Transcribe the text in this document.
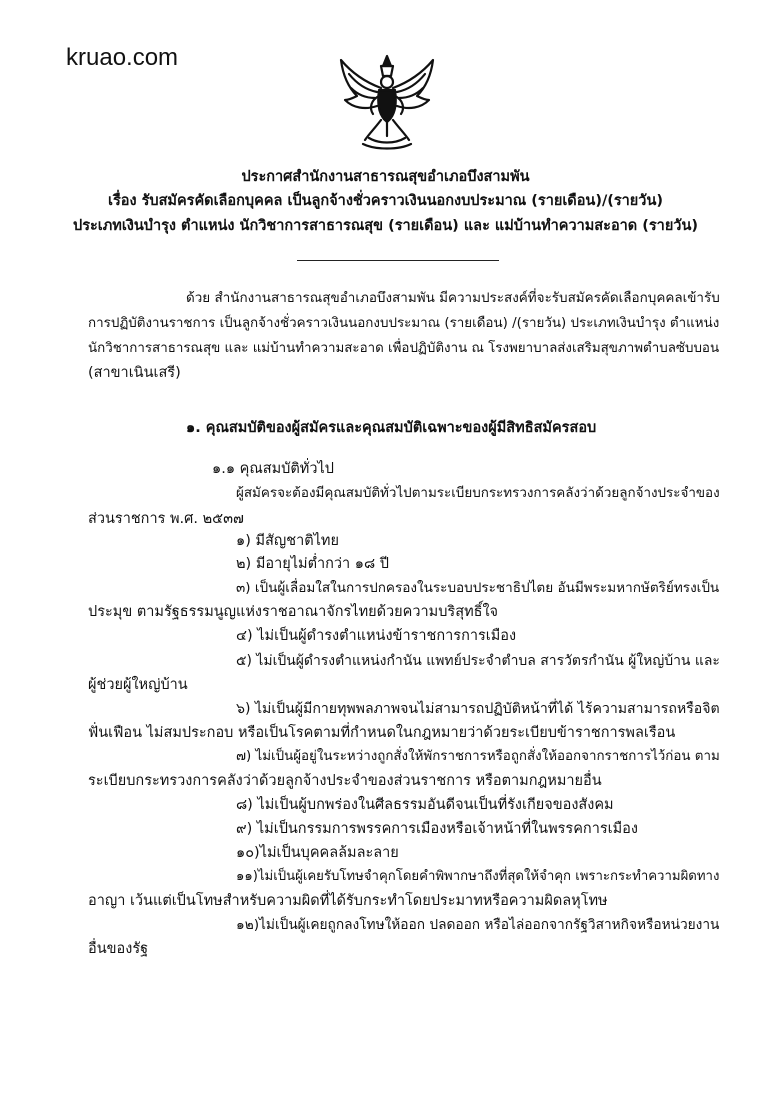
kruao.com
ประกาศสำนักงานสาธารณสุขอำเภอบึงสามพัน
เรื่อง รับสมัครคัดเลือกบุคคล เป็นลูกจ้างชั่วคราวเงินนอกงบประมาณ (รายเดือน)/(รายวัน)
ประเภทเงินบำรุง ตำแหน่ง นักวิชาการสาธารณสุข (รายเดือน) และ แม่บ้านทำความสะอาด (รายวัน)
ด้วย สำนักงานสาธารณสุขอำเภอบึงสามพัน มีความประสงค์ที่จะรับสมัครคัดเลือกบุคคลเข้ารับ
การปฏิบัติงานราชการ เป็นลูกจ้างชั่วคราวเงินนอกงบประมาณ (รายเดือน) /(รายวัน) ประเภทเงินบำรุง ตำแหน่ง
นักวิชาการสาธารณสุข และ แม่บ้านทำความสะอาด เพื่อปฏิบัติงาน ณ โรงพยาบาลส่งเสริมสุขภาพตำบลซับบอน
(สาขาเนินเสรี)
๑. คุณสมบัติของผู้สมัครและคุณสมบัติเฉพาะของผู้มีสิทธิสมัครสอบ
๑.๑ คุณสมบัติทั่วไป
ผู้สมัครจะต้องมีคุณสมบัติทั่วไปตามระเบียบกระทรวงการคลังว่าด้วยลูกจ้างประจำของ
ส่วนราชการ พ.ศ. ๒๕๓๗
๑) มีสัญชาติไทย
๒) มีอายุไม่ต่ำกว่า ๑๘ ปี
๓) เป็นผู้เลื่อมใสในการปกครองในระบอบประชาธิปไตย อันมีพระมหากษัตริย์ทรงเป็น
ประมุข ตามรัฐธรรมนูญแห่งราชอาณาจักรไทยด้วยความบริสุทธิ์ใจ
๔) ไม่เป็นผู้ดำรงตำแหน่งข้าราชการการเมือง
๕) ไม่เป็นผู้ดำรงตำแหน่งกำนัน แพทย์ประจำตำบล สารวัตรกำนัน ผู้ใหญ่บ้าน และ
ผู้ช่วยผู้ใหญ่บ้าน
๖) ไม่เป็นผู้มีกายทุพพลภาพจนไม่สามารถปฏิบัติหน้าที่ได้ ไร้ความสามารถหรือจิต
ฟั่นเฟือน ไม่สมประกอบ หรือเป็นโรคตามที่กำหนดในกฎหมายว่าด้วยระเบียบข้าราชการพลเรือน
๗) ไม่เป็นผู้อยู่ในระหว่างถูกสั่งให้พักราชการหรือถูกสั่งให้ออกจากราชการไว้ก่อน ตาม
ระเบียบกระทรวงการคลังว่าด้วยลูกจ้างประจำของส่วนราชการ หรือตามกฎหมายอื่น
๘) ไม่เป็นผู้บกพร่องในศีลธรรมอันดีจนเป็นที่รังเกียจของสังคม
๙) ไม่เป็นกรรมการพรรคการเมืองหรือเจ้าหน้าที่ในพรรคการเมือง
๑๐)ไม่เป็นบุคคลล้มละลาย
๑๑)ไม่เป็นผู้เคยรับโทษจำคุกโดยคำพิพากษาถึงที่สุดให้จำคุก เพราะกระทำความผิดทาง
อาญา เว้นแต่เป็นโทษสำหรับความผิดที่ได้รับกระทำโดยประมาทหรือความผิดลหุโทษ
๑๒)ไม่เป็นผู้เคยถูกลงโทษให้ออก ปลดออก หรือไล่ออกจากรัฐวิสาหกิจหรือหน่วยงาน
อื่นของรัฐ
